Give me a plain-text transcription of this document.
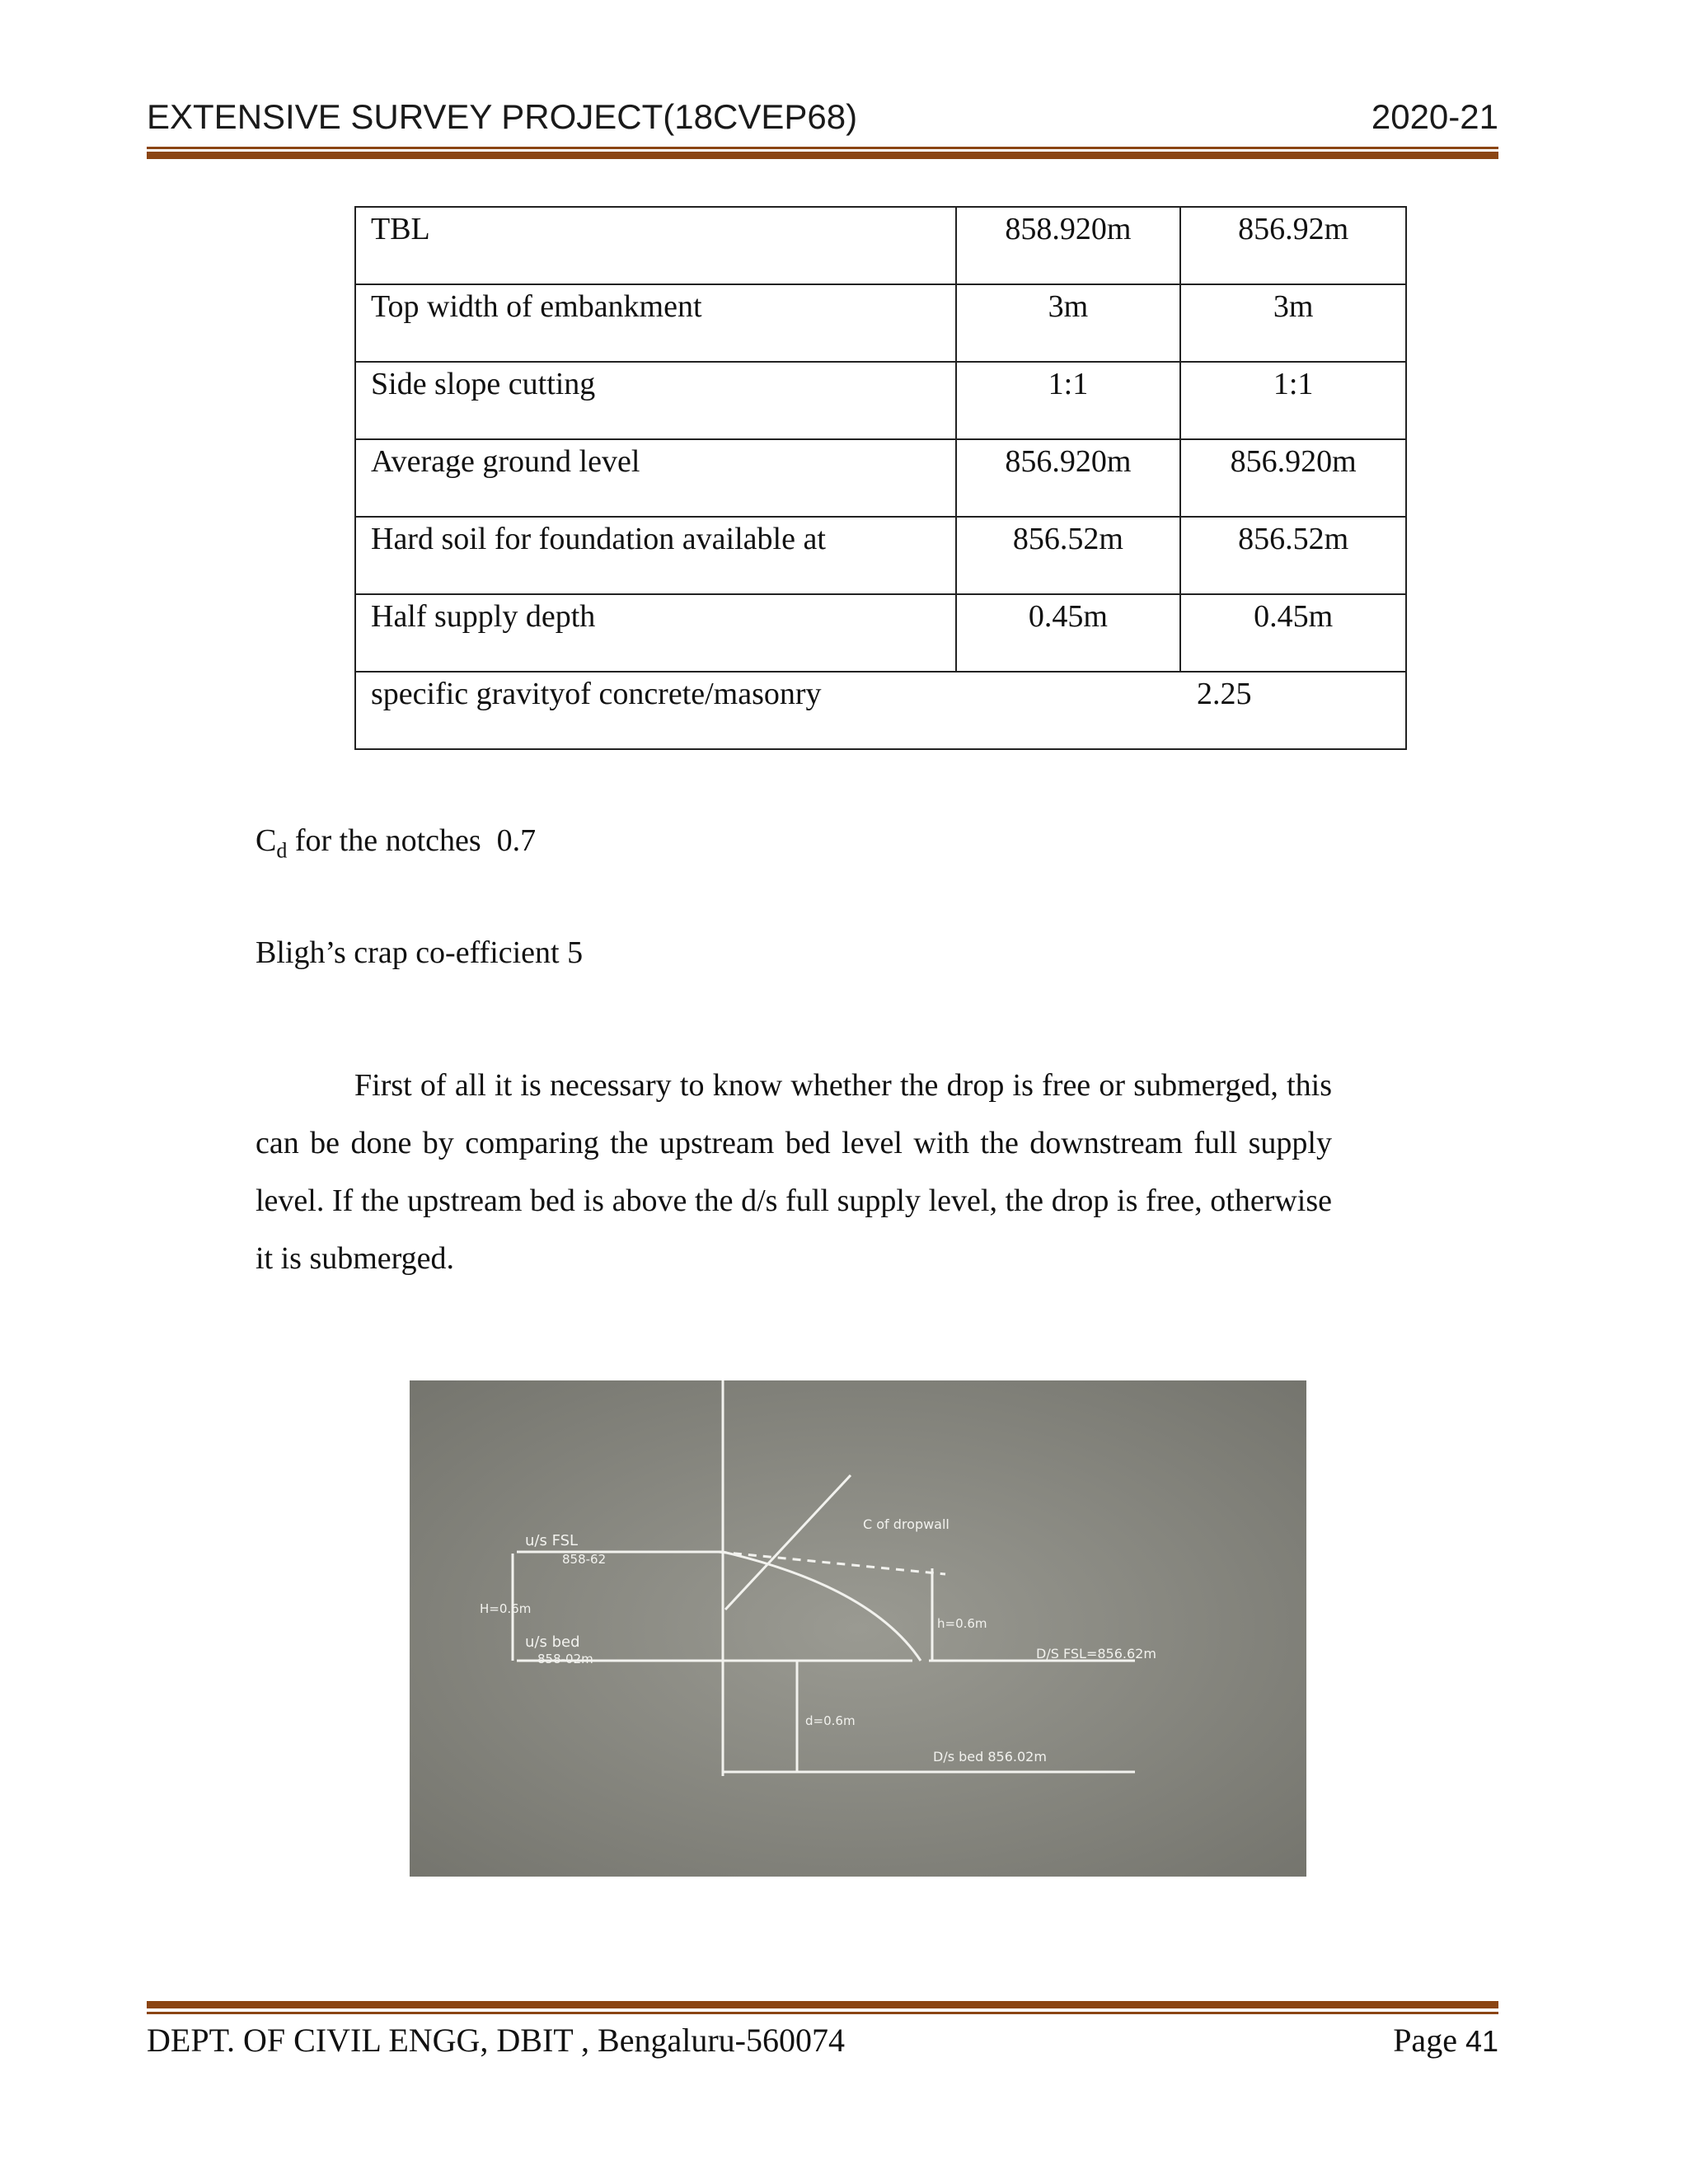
EXTENSIVE SURVEY PROJECT(18CVEP68)	2020-21
TBL	858.920m	856.92m
Top width of embankment	3m	3m
Side slope cutting	1:1	1:1
Average ground level	856.920m	856.920m
Hard soil for foundation available at	856.52m	856.52m
Half supply depth	0.45m	0.45m
specific gravityof concrete/masonry 2.25		
$C_d$ for the notches  0.7
Bligh’s crap co-efficient 5
First of all it is necessary to know whether the drop is free or submerged, this can be done by comparing the upstream bed level with the downstream full supply level. If the upstream bed is above the d/s full supply level, the drop is free, otherwise it is submerged.
u/s FSL
858-62
H=0.6m
u/s bed
858-02m
C of dropwall
h=0.6m
D/S FSL=856.62m
d=0.6m
D/s bed 856.02m
DEPT. OF CIVIL ENGG, DBIT , Bengaluru-560074	Page 41
